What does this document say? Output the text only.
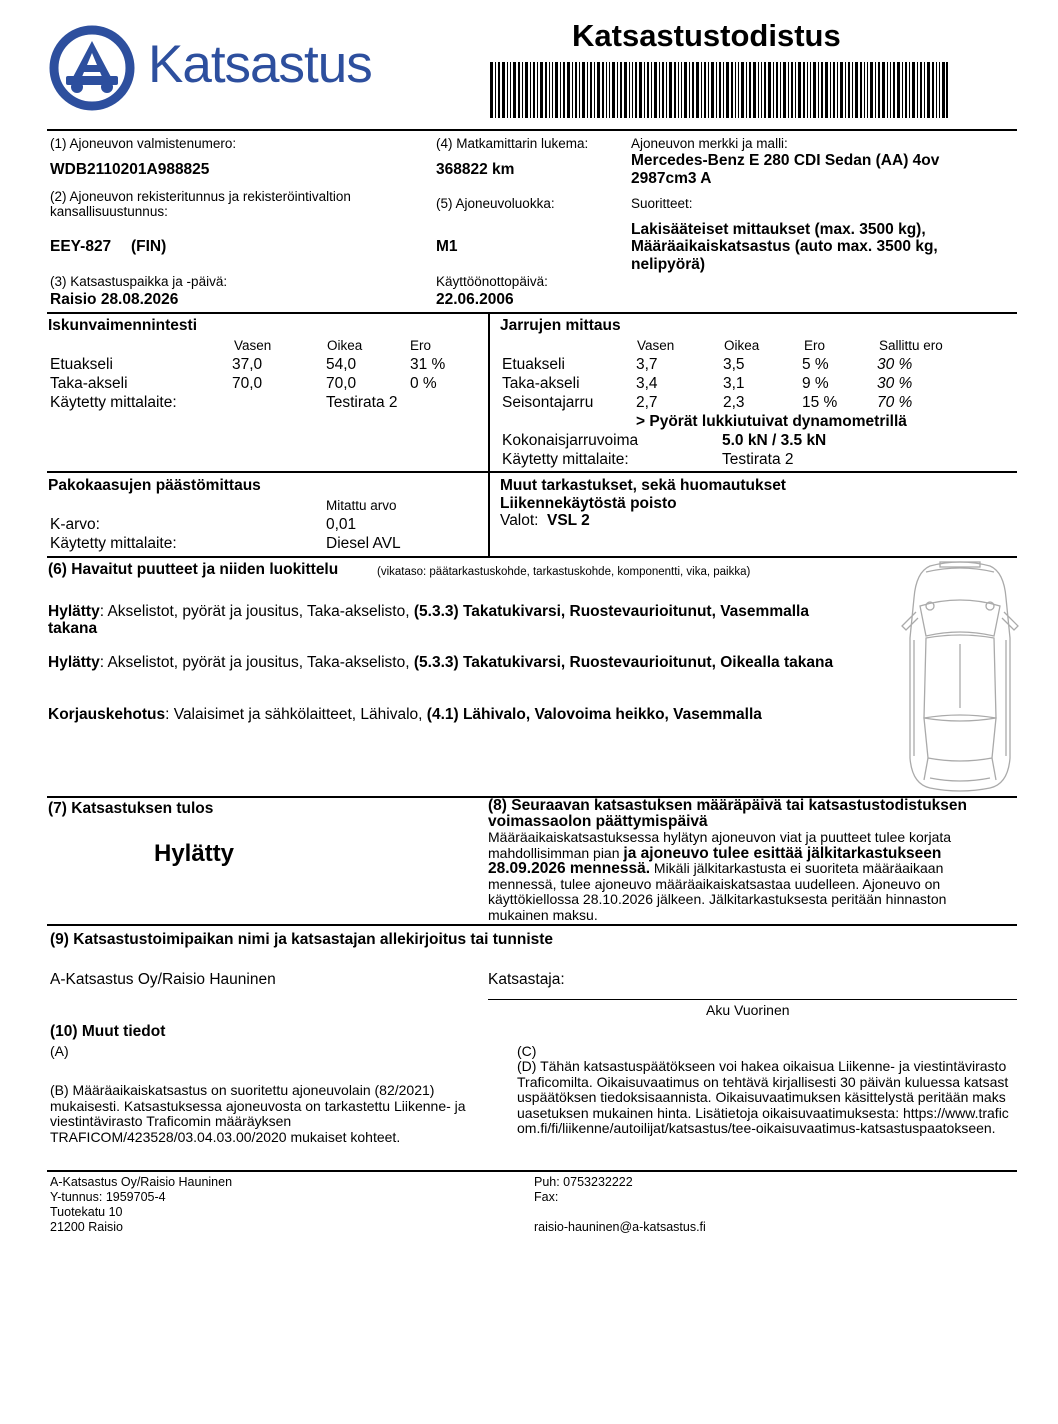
Katsastus	Katsastustodistus
(1) Ajoneuvon valmistenumero:
WDB2110201A988825
(4) Matkamittarin lukema:
368822 km
Ajoneuvon merkki ja malli:
Mercedes-Benz E 280 CDI Sedan (AA) 4ov
2987cm3 A
(2) Ajoneuvon rekisteritunnus ja rekisteröintivaltion
kansallisuustunnus:
EEY-827 (FIN)
(5) Ajoneuvoluokka:
M1
Suoritteet:
Lakisääteiset mittaukset (max. 3500 kg),
Määräaikaiskatsastus (auto max. 3500 kg,
nelipyörä)
(3) Katsastuspaikka ja -päivä:
Raisio 28.08.2026
Käyttöönottopäivä:
22.06.2006
Iskunvaimennintesti
Vasen	Oikea	Ero
Etuakseli	37,0	54,0	31 %
Taka-akseli	70,0	70,0	0 %
Käytetty mittalaite:	Testirata 2
Jarrujen mittaus
Vasen	Oikea	Ero	Sallittu ero
Etuakseli	3,7	3,5	5 %	30 %
Taka-akseli	3,4	3,1	9 %	30 %
Seisontajarru	2,7	2,3	15 %	70 %
> Pyörät lukkiutuivat dynamometrillä
Kokonaisjarruvoima	5.0 kN / 3.5 kN
Käytetty mittalaite:	Testirata 2
Pakokaasujen päästömittaus
Mitattu arvo
K-arvo:	0,01
Käytetty mittalaite:	Diesel AVL
Muut tarkastukset, sekä huomautukset
Liikennekäytöstä poisto
Valot: VSL 2
(6) Havaitut puutteet ja niiden luokittelu	(vikataso: päätarkastuskohde, tarkastuskohde, komponentti, vika, paikka)
Hylätty: Akselistot, pyörät ja jousitus, Taka-akselisto, (5.3.3) Takatukivarsi, Ruostevaurioitunut, Vasemmalla takana
Hylätty: Akselistot, pyörät ja jousitus, Taka-akselisto, (5.3.3) Takatukivarsi, Ruostevaurioitunut, Oikealla takana
Korjauskehotus: Valaisimet ja sähkölaitteet, Lähivalo, (4.1) Lähivalo, Valovoima heikko, Vasemmalla
(7) Katsastuksen tulos
Hylätty
(8) Seuraavan katsastuksen määräpäivä tai katsastustodistuksen voimassaolon päättymispäivä
Määräaikaiskatsastuksessa hylätyn ajoneuvon viat ja puutteet tulee korjata mahdollisimman pian ja ajoneuvo tulee esittää jälkitarkastukseen 28.09.2026 mennessä. Mikäli jälkitarkastusta ei suoriteta määräaikaan mennessä, tulee ajoneuvo määräaikaiskatsastaa uudelleen. Ajoneuvo on käyttökiellossa 28.10.2026 jälkeen. Jälkitarkastuksesta peritään hinnaston mukainen maksu.
(9) Katsastustoimipaikan nimi ja katsastajan allekirjoitus tai tunniste
A-Katsastus Oy/Raisio Hauninen	Katsastaja:
Aku Vuorinen
(10) Muut tiedot
(A)
(B) Määräaikaiskatsastus on suoritettu ajoneuvolain (82/2021) mukaisesti. Katsastuksessa ajoneuvosta on tarkastettu Liikenne- ja viestintävirasto Traficomin määräyksen TRAFICOM/423528/03.04.03.00/2020 mukaiset kohteet.
(C)
(D) Tähän katsastuspäätökseen voi hakea oikaisua Liikenne- ja viestintävirasto Traficomilta. Oikaisuvaatimus on tehtävä kirjallisesti 30 päivän kuluessa katsastuspäätöksen tiedoksisaannista. Oikaisuvaatimuksen käsittelystä peritään maksuasetuksen mukainen hinta. Lisätietoja oikaisuvaatimuksesta: https://www.traficom.fi/fi/liikenne/autoilijat/katsastus/tee-oikaisuvaatimus-katsastuspaatokseen.
A-Katsastus Oy/Raisio Hauninen
Y-tunnus: 1959705-4
Tuotekatu 10
21200 Raisio
Puh: 0753232222
Fax:
raisio-hauninen@a-katsastus.fi
